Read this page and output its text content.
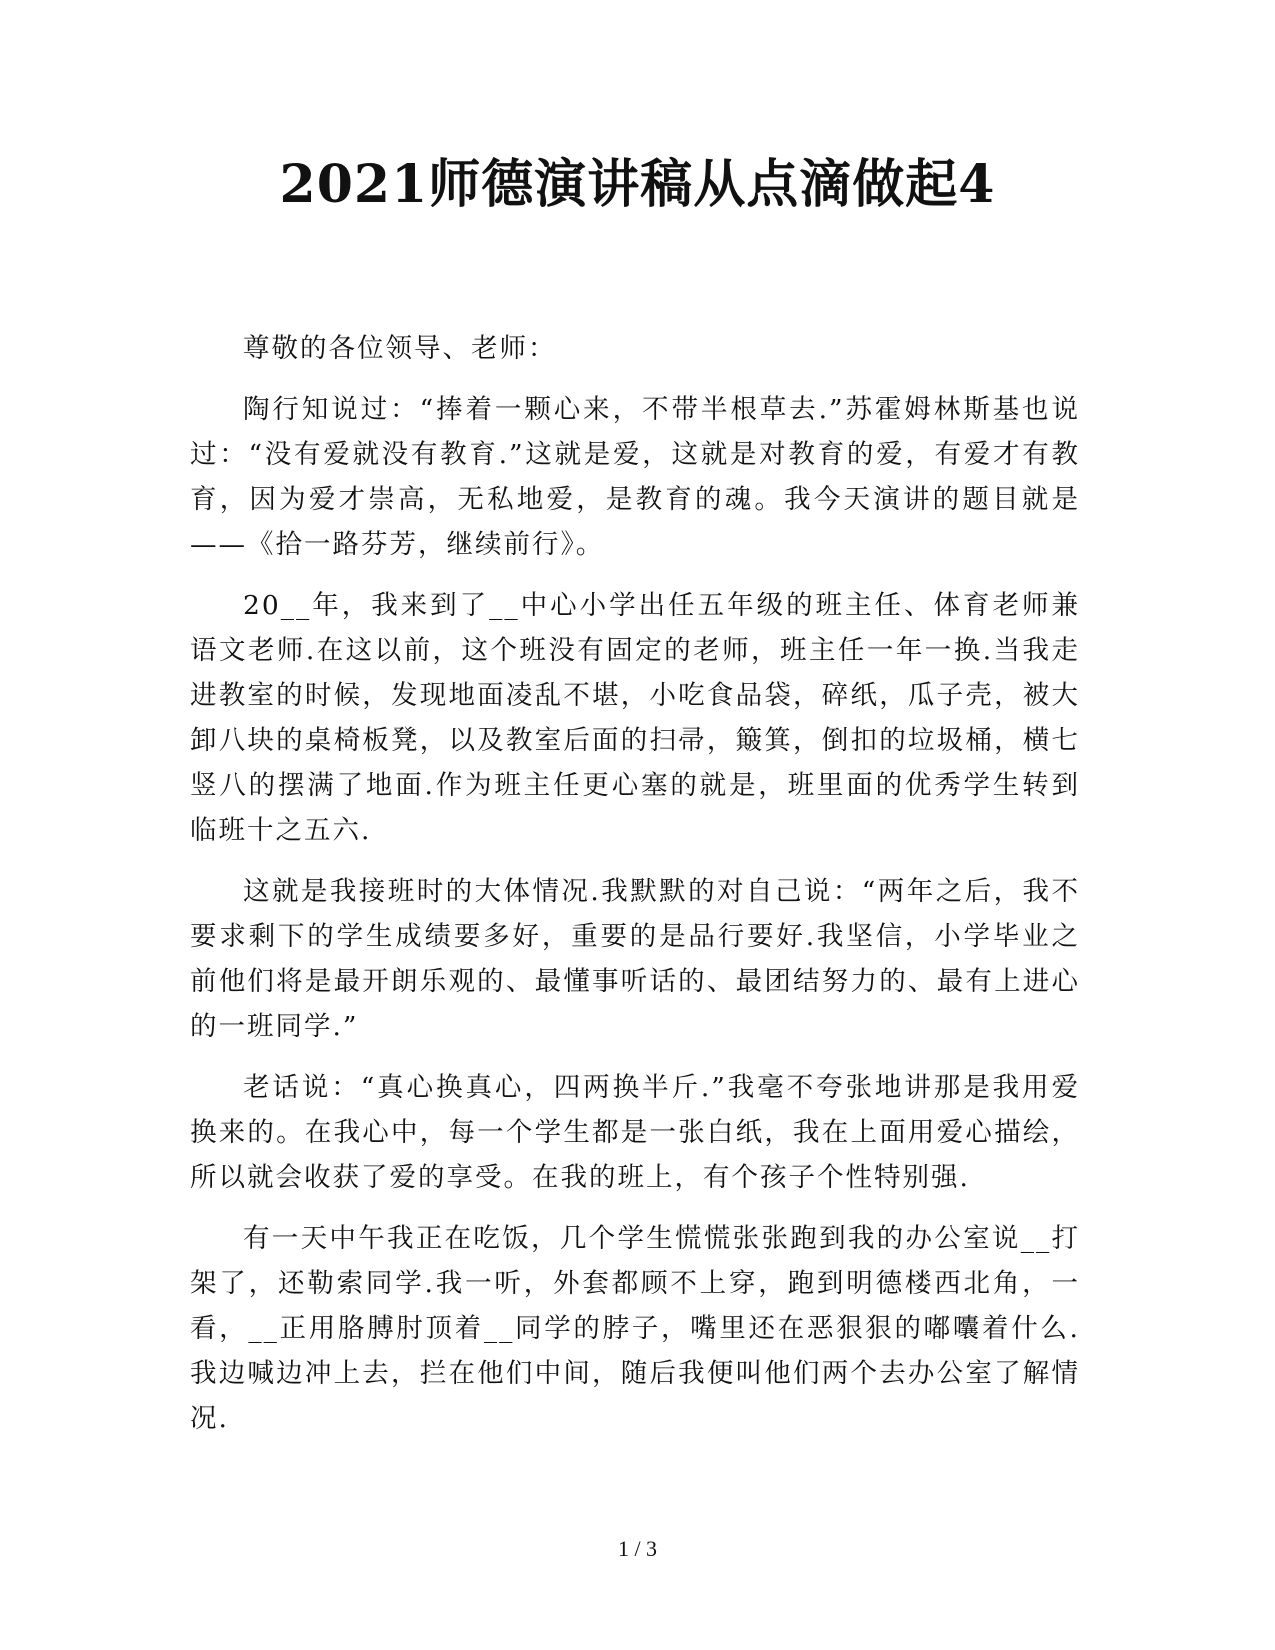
2021师德演讲稿从点滴做起4

尊敬的各位领导、老师：

陶行知说过：“捧着一颗心来，不带半根草去.”苏霍姆林斯基也说过：“没有爱就没有教育.”这就是爱，这就是对教育的爱，有爱才有教育，因为爱才崇高，无私地爱，是教育的魂。我今天演讲的题目就是——《拾一路芬芳，继续前行》。

20__年，我来到了__中心小学出任五年级的班主任、体育老师兼语文老师.在这以前，这个班没有固定的老师，班主任一年一换.当我走进教室的时候，发现地面凌乱不堪，小吃食品袋，碎纸，瓜子壳，被大卸八块的桌椅板凳，以及教室后面的扫帚，簸箕，倒扣的垃圾桶，横七竖八的摆满了地面.作为班主任更心塞的就是，班里面的优秀学生转到临班十之五六.

这就是我接班时的大体情况.我默默的对自己说：“两年之后，我不要求剩下的学生成绩要多好，重要的是品行要好.我坚信，小学毕业之前他们将是最开朗乐观的、最懂事听话的、最团结努力的、最有上进心的一班同学.”

老话说：“真心换真心，四两换半斤.”我毫不夸张地讲那是我用爱换来的。在我心中，每一个学生都是一张白纸，我在上面用爱心描绘，所以就会收获了爱的享受。在我的班上，有个孩子个性特别强.

有一天中午我正在吃饭，几个学生慌慌张张跑到我的办公室说__打架了，还勒索同学.我一听，外套都顾不上穿，跑到明德楼西北角，一看，__正用胳膊肘顶着__同学的脖子，嘴里还在恶狠狠的嘟囔着什么.我边喊边冲上去，拦在他们中间，随后我便叫他们两个去办公室了解情况.

1 / 3
